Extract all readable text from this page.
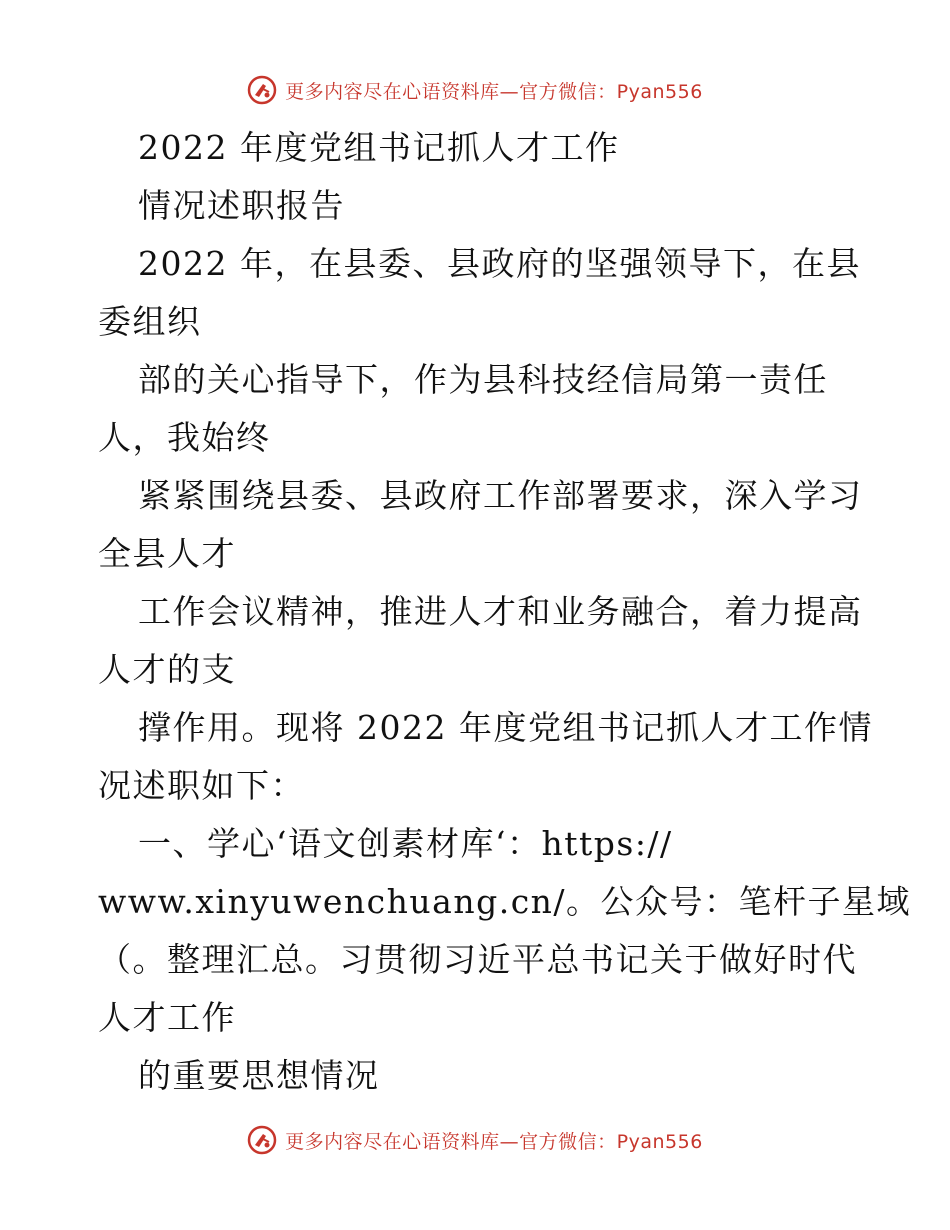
更多内容尽在心语资料库—官方微信：Pyan556
2022 年度党组书记抓人才工作
情况述职报告
2022 年，在县委、县政府的坚强领导下，在县
委组织
部的关心指导下，作为县科技经信局第一责任
人，我始终
紧紧围绕县委、县政府工作部署要求，深入学习
全县人才
工作会议精神，推进人才和业务融合，着力提高
人才的支
撑作用。现将 2022 年度党组书记抓人才工作情
况述职如下：
一、学心‘语文创素材库‘：https://
www.xinyuwenchuang.cn/。公众号：笔杆子星域
（。整理汇总。习贯彻习近平总书记关于做好时代
人才工作
的重要思想情况
更多内容尽在心语资料库—官方微信：Pyan556
